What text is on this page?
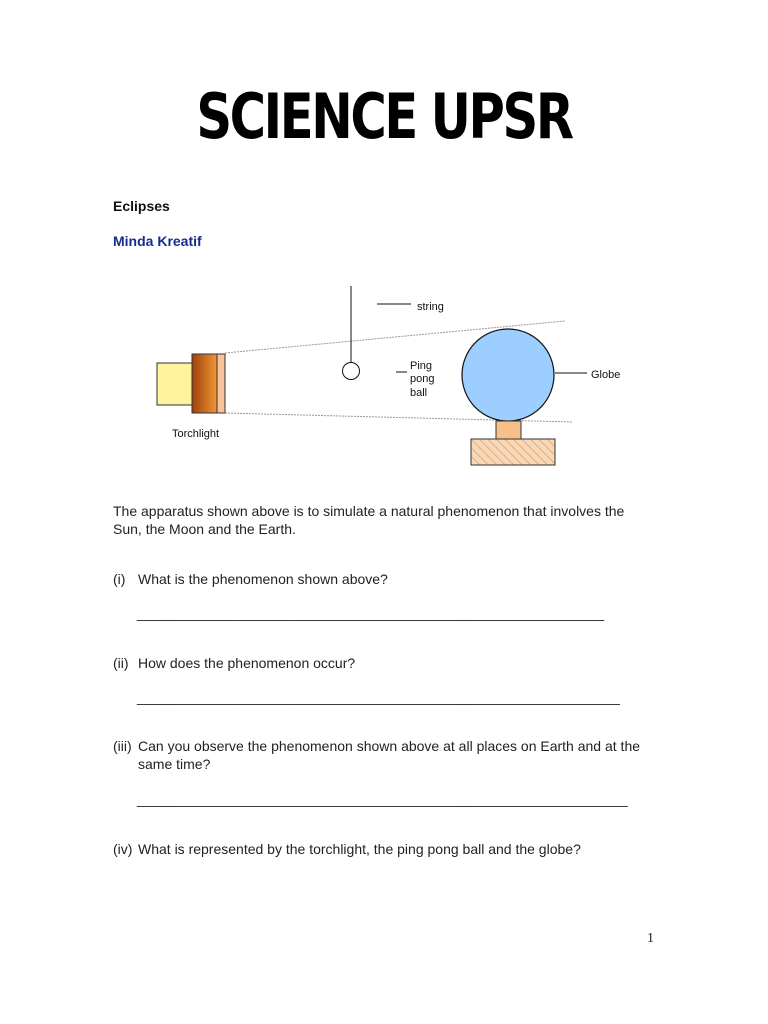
SCIENCE UPSR
Eclipses
Minda Kreatif
Torchlight
string
Ping
pong
ball
Globe
The apparatus shown above is to simulate a natural phenomenon that involves the Sun, the Moon and the Earth.
(i) What is the phenomenon shown above?
____________________________________________________________
(ii) How does the phenomenon occur?
______________________________________________________________
(iii) Can you observe the phenomenon shown above at all places on Earth and at the same time?
_______________________________________________________________
(iv) What is represented by the torchlight, the ping pong ball and the globe?
1
